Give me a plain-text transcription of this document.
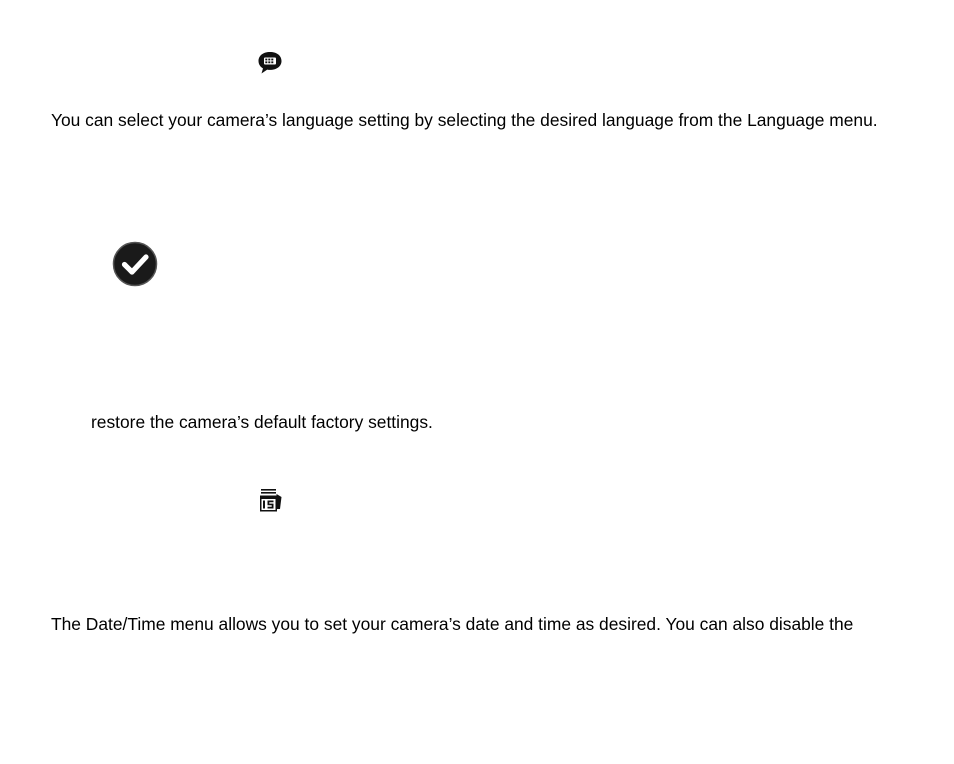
You can select your camera’s language setting by selecting the desired language from the Language menu.
restore the camera’s default factory settings.
The Date/Time menu allows you to set your camera’s date and time as desired. You can also disable the
